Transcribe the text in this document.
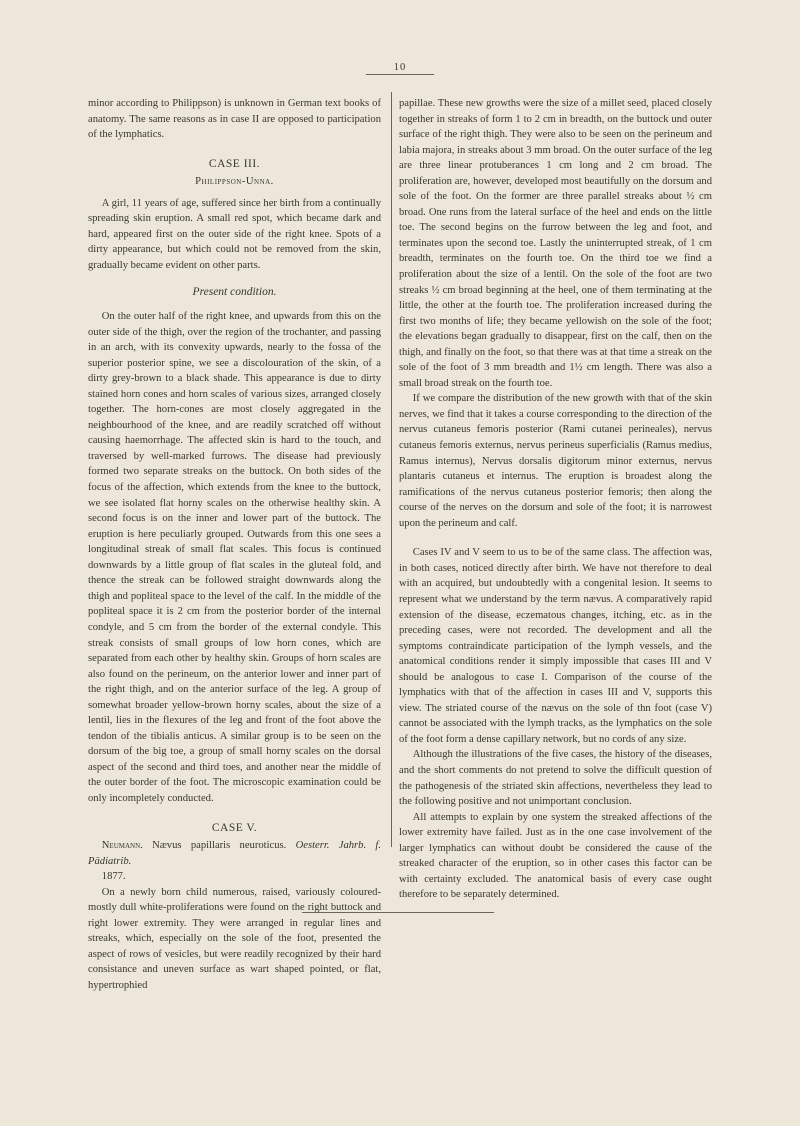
10

minor according to Philippson) is unknown in German text books of anatomy. The same reasons as in case II are opposed to participation of the lymphatics.

CASE III.
Philippson-Unna.

A girl, 11 years of age, suffered since her birth from a continually spreading skin eruption. A small red spot, which became dark and hard, appeared first on the outer side of the right knee. Spots of a dirty appearance, but which could not be removed from the skin, gradually became evident on other parts.

Present condition.

On the outer half of the right knee, and upwards from this on the outer side of the thigh, over the region of the trochanter, and passing in an arch, with its convexity upwards, nearly to the fossa of the superior posterior spine, we see a discolouration of the skin, of a dirty grey-brown to a black shade. This appearance is due to dirty stained horn cones and horn scales of various sizes, arranged closely together. The horn-cones are most closely aggregated in the neighbourhood of the knee, and are readily scratched off without causing haemorrhage. The affected skin is hard to the touch, and traversed by well-marked furrows. The disease had previously formed two separate streaks on the buttock. On both sides of the focus of the affection, which extends from the knee to the buttock, we see isolated flat horny scales on the otherwise healthy skin. A second focus is on the inner and lower part of the buttock. The eruption is here peculiarly grouped. Outwards from this one sees a longitudinal streak of small flat scales. This focus is continued downwards by a little group of flat scales in the gluteal fold, and thence the streak can be followed straight downwards along the thigh and popliteal space to the level of the calf. In the middle of the popliteal space it is 2 cm from the posterior border of the internal condyle, and 5 cm from the border of the external condyle. This streak consists of small groups of low horn cones, which are separated from each other by healthy skin. Groups of horn scales are also found on the perineum, on the anterior lower and inner part of the right thigh, and on the anterior surface of the leg. A group of somewhat broader yellow-brown horny scales, about the size of a lentil, lies in the flexures of the leg and front of the foot above the tendon of the tibialis anticus. A similar group is to be seen on the dorsum of the big toe, a group of small horny scales on the dorsal aspect of the second and third toes, and another near the middle of the outer border of the foot. The microscopic examination could be only incompletely conducted.

CASE V.

Neumann. Nævus papillaris neuroticus. Oesterr. Jahrb. f. Pädiatrib.
1877.

On a newly born child numerous, raised, variously coloured-mostly dull white-proliferations were found on the right buttock and right lower extremity. They were arranged in regular lines and streaks, which, especially on the sole of the foot, presented the aspect of rows of vesicles, but were readily recognized by their hard consistance and uneven surface as wart shaped pointed, or flat, hypertrophied

papillae. These new growths were the size of a millet seed, placed closely together in streaks of form 1 to 2 cm in breadth, on the buttock und outer surface of the right thigh. They were also to be seen on the perineum and labia majora, in streaks about 3 mm broad. On the outer surface of the leg are three linear protuberances 1 cm long and 2 cm broad. The proliferation are, however, developed most beautifully on the dorsum and sole of the foot. On the former are three parallel streaks about ½ cm broad. One runs from the lateral surface of the heel and ends on the little toe. The second begins on the furrow between the leg and foot, and terminates upon the second toe. Lastly the uninterrupted streak, of 1 cm breadth, terminates on the fourth toe. On the third toe we find a proliferation about the size of a lentil. On the sole of the foot are two streaks ½ cm broad beginning at the heel, one of them terminating at the little, the other at the fourth toe. The proliferation increased during the first two months of life; they became yellowish on the sole of the foot; the elevations began gradually to disappear, first on the calf, then on the thigh, and finally on the foot, so that there was at that time a streak on the sole of the foot of 3 mm breadth and 1½ cm length. There was also a small broad streak on the fourth toe.

If we compare the distribution of the new growth with that of the skin nerves, we find that it takes a course corresponding to the direction of the nervus cutaneus femoris posterior (Rami cutanei perineales), nervus cutaneus femoris externus, nervus perineus superficialis (Ramus medius, Ramus internus), Nervus dorsalis digitorum minor externus, nervus plantaris cutaneus et internus. The eruption is broadest along the ramifications of the nervus cutaneus posterior femoris; then along the course of the nerves on the dorsum and sole of the foot; it is narrowest upon the perineum and calf.

Cases IV and V seem to us to be of the same class. The affection was, in both cases, noticed directly after birth. We have not therefore to deal with an acquired, but undoubtedly with a congenital lesion. It seems to represent what we understand by the term nævus. A comparatively rapid extension of the disease, eczematous changes, itching, etc. as in the preceding cases, were not recorded. The development and all the symptoms contraindicate participation of the lymph vessels, and the anatomical conditions render it simply impossible that cases III and V should be analogous to case I. Comparison of the course of the lymphatics with that of the affection in cases III and V, supports this view. The striated course of the nævus on the sole of thn foot (case V) cannot be associated with the lymph tracks, as the lymphatics on the sole of the foot form a dense capillary network, but no cords of any size.

Although the illustrations of the five cases, the history of the diseases, and the short comments do not pretend to solve the difficult question of the pathogenesis of the striated skin affections, nevertheless they lead to the following positive and not unimportant conclusion.

All attempts to explain by one system the streaked affections of the lower extremity have failed. Just as in the one case involvement of the larger lymphatics can without doubt be considered the cause of the streaked character of the eruption, so in other cases this factor can be with certainty excluded. The anatomical basis of every case ought therefore to be separately determined.
